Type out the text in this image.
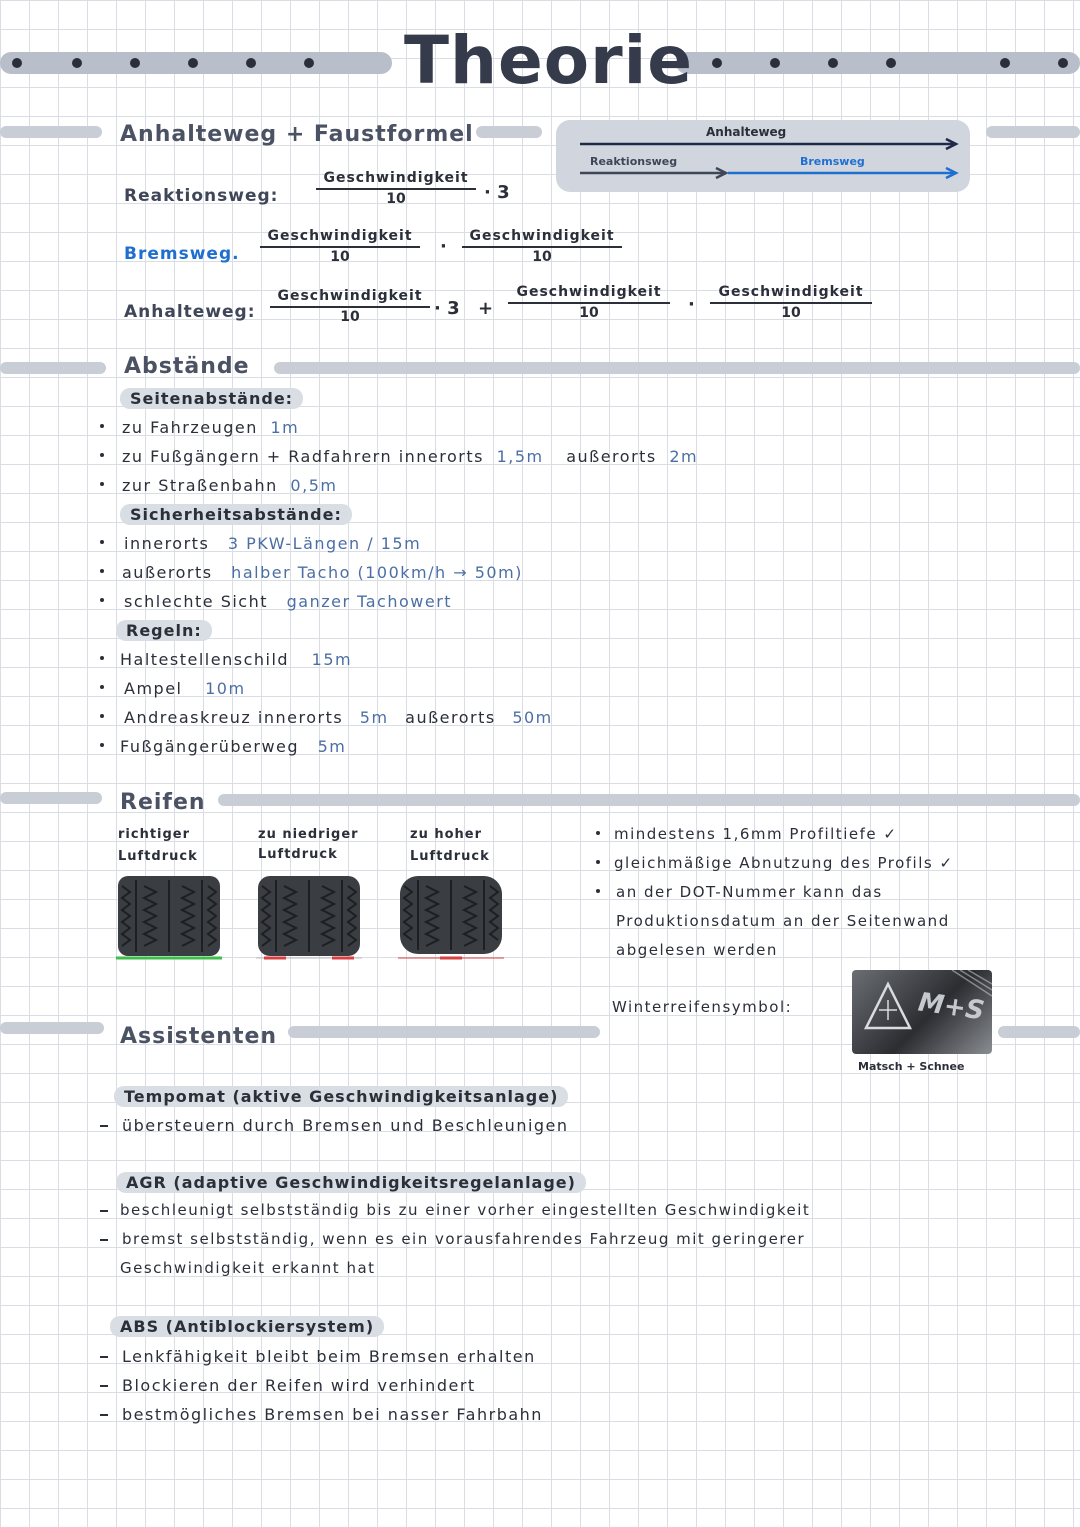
Theorie
Anhalteweg + Faustformel	Anhalteweg
Reaktionsweg	Bremsweg
Reaktionsweg:
Geschwindigkeit
10	· 3
Bremsweg.
Geschwindigkeit
10	·	Geschwindigkeit
10
Anhalteweg:
Geschwindigkeit
10	· 3 +
Geschwindigkeit
10	·
Geschwindigkeit
10
Abstände
Seitenabstände:
zu Fahrzeugen 1m
zu Fußgängern + Radfahrern innerorts 1,5m außerorts 2m
zur Straßenbahn 0,5m
Sicherheitsabstände:
innerorts 3 PKW-Längen / 15m
außerorts halber Tacho (100km/h → 50m)
schlechte Sicht ganzer Tachowert
Regeln:
Haltestellenschild 15m
Ampel 10m
Andreaskreuz innerorts 5m außerorts 50m
Fußgängerüberweg 5m
Reifen
richtiger
Luftdruck
zu niedriger
Luftdruck
zu hoher
Luftdruck
mindestens 1,6mm Profiltiefe ✓
gleichmäßige Abnutzung des Profils ✓
an der DOT-Nummer kann das
Produktionsdatum an der Seitenwand
abgelesen werden
Winterreifensymbol:	M+S
Matsch + Schnee
Assistenten
Tempomat (aktive Geschwindigkeitsanlage)
übersteuern durch Bremsen und Beschleunigen
AGR (adaptive Geschwindigkeitsregelanlage)
beschleunigt selbstständig bis zu einer vorher eingestellten Geschwindigkeit
bremst selbstständig, wenn es ein vorausfahrendes Fahrzeug mit geringerer
Geschwindigkeit erkannt hat
ABS (Antiblockiersystem)
Lenkfähigkeit bleibt beim Bremsen erhalten
Blockieren der Reifen wird verhindert
bestmögliches Bremsen bei nasser Fahrbahn
